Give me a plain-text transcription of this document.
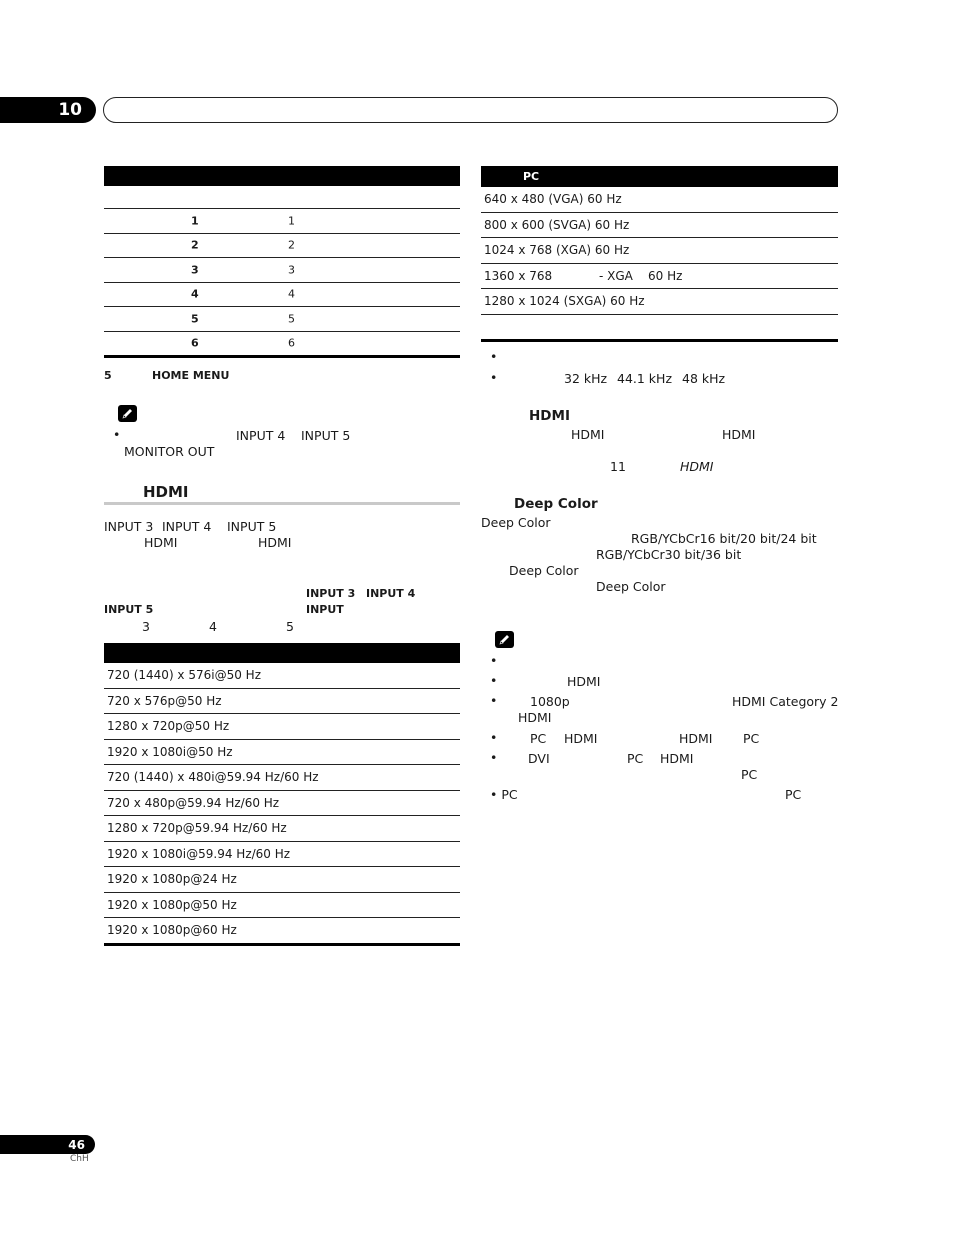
10
1	1
2	2
3	3
4	4
5	5
6	6
5	HOME MENU
•	INPUT 4 INPUT 5
MONITOR OUT
HDMI
INPUT 3 INPUT 4 INPUT 5
HDMI	HDMI
INPUT 3 INPUT 4
INPUT 5	INPUT
3	4	5
720 (1440) x 576i@50 Hz
720 x 576p@50 Hz
1280 x 720p@50 Hz
1920 x 1080i@50 Hz
720 (1440) x 480i@59.94 Hz/60 Hz
720 x 480p@59.94 Hz/60 Hz
1280 x 720p@59.94 Hz/60 Hz
1920 x 1080i@59.94 Hz/60 Hz
1920 x 1080p@24 Hz
1920 x 1080p@50 Hz
1920 x 1080p@60 Hz
PC
640 x 480 (VGA) 60 Hz
800 x 600 (SVGA) 60 Hz
1024 x 768 (XGA) 60 Hz
1360 x 768	- XGA 60 Hz
1280 x 1024 (SXGA) 60 Hz
•
•	32 kHz 44.1 kHz 48 kHz
HDMI
HDMI	HDMI
11	HDMI
Deep Color
Deep Color
RGB/YCbCr16 bit/20 bit/24 bit
RGB/YCbCr30 bit/36 bit
Deep Color
Deep Color
•
•	HDMI
•	1080p	HDMI Category 2
HDMI
•	PC HDMI	HDMI PC
• DVI	PC HDMI
PC
• PC	PC
46
ChH
